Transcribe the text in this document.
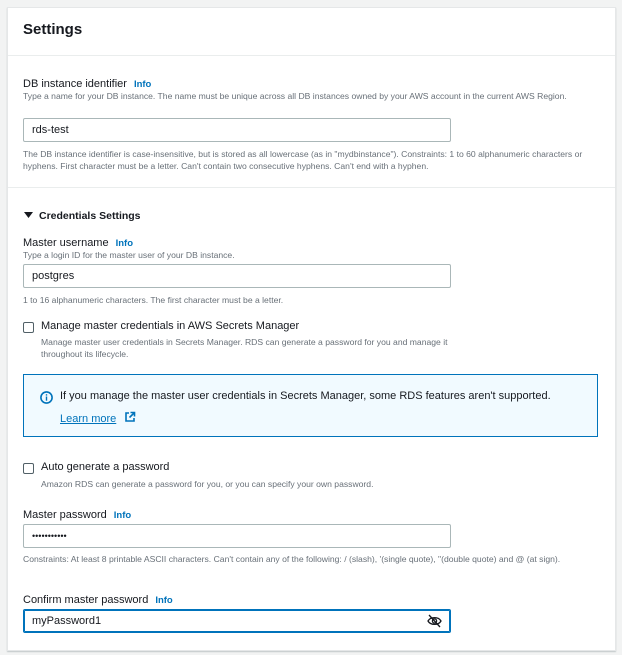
Settings
DB instance identifier Info
Type a name for your DB instance. The name must be unique across all DB instances owned by your AWS account in the current AWS Region.
rds-test
The DB instance identifier is case-insensitive, but is stored as all lowercase (as in "mydbinstance"). Constraints: 1 to 60 alphanumeric characters or hyphens. First character must be a letter. Can't contain two consecutive hyphens. Can't end with a hyphen.
Credentials Settings
Master username Info
Type a login ID for the master user of your DB instance.
postgres
1 to 16 alphanumeric characters. The first character must be a letter.
Manage master credentials in AWS Secrets Manager
Manage master user credentials in Secrets Manager. RDS can generate a password for you and manage it throughout its lifecycle.
If you manage the master user credentials in Secrets Manager, some RDS features aren't supported.
Learn more
Auto generate a password
Amazon RDS can generate a password for you, or you can specify your own password.
Master password Info
•••••••••••
Constraints: At least 8 printable ASCII characters. Can't contain any of the following: / (slash), '(single quote), "(double quote) and @ (at sign).
Confirm master password Info
myPassword1
